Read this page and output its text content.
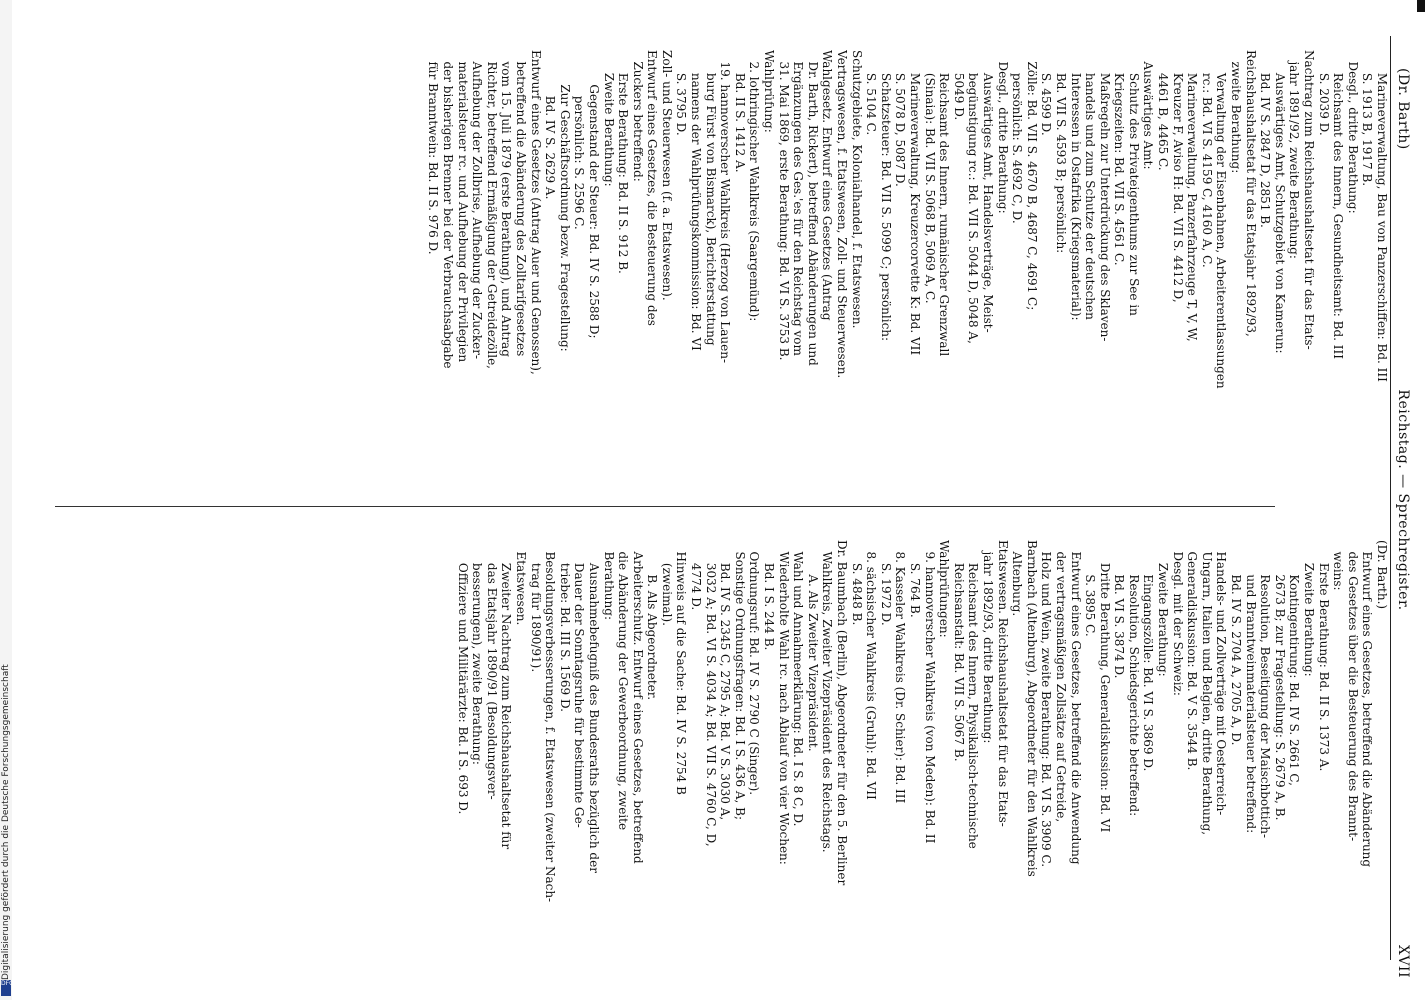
(Dr. Barth)
Reichstag. — Sprechregister.
XVII
Marineverwaltung, Bau von Panzerschiffen: Bd. III
S. 1913 B, 1917 B.
Desgl., dritte Berathung:
Reichsamt des Innern, Gesundheitsamt: Bd. III
S. 2039 D.
Nachtrag zum Reichshaushaltsetat für das Etats-
jahr 1891/92, zweite Berathung:
Auswärtiges Amt, Schutzgebiet von Kamerun:
Bd. IV S. 2847 D, 2851 B.
Reichshaushaltsetat für das Etatsjahr 1892/93,
zweite Berathung:
Verwaltung der Eisenbahnen, Arbeiterentlassungen
rc.: Bd. VI S. 4159 C, 4160 A, C.
Marineverwaltung, Panzerfahrzeuge T, V, W,
Kreuzer F, Aviso H: Bd. VII S. 4412 D,
4461 B, 4465 C.
Auswärtiges Amt:
Schutz des Privateigenthums zur See in
Kriegszeiten: Bd. VII S. 4561 C.
Maßregeln zur Unterdrückung des Sklaven-
handels und zum Schutze der deutschen
Interessen in Ostafrika (Kriegsmaterial):
Bd. VII S. 4593 B; persönlich:
S. 4599 D.
Zölle: Bd. VII S. 4670 B, 4687 C, 4691 C;
persönlich: S. 4692 C, D.
Desgl., dritte Berathung:
Auswärtiges Amt, Handelsverträge, Meist-
begünstigung rc.: Bd. VII S. 5044 D, 5048 A,
5049 D.
Reichsamt des Innern, rumänischer Grenzwall
(Sinaia): Bd. VII S. 5068 B, 5069 A, C.
Marineverwaltung, Kreuzercorvette K: Bd. VII
S. 5078 D, 5087 D.
Schatzsteuer: Bd. VII S. 5099 C; persönlich:
S. 5104 C.
Schutzgebiete, Kolonialhandel, f. Etatswesen.
Vertragswesen, f. Etatswesen, Zoll- und Steuerwesen.
Wahlgesetz. Entwurf eines Gesetzes (Antrag
Dr. Barth, Rickert), betreffend Abänderungen und
Ergänzungen des Ges.'es für den Reichstag vom
31. Mai 1869, erste Berathung: Bd. VI S. 3753 B.
Wahlprüfung:
2. lothringischer Wahlkreis (Saargemünd):
Bd. II S. 1412 A.
19. hannoverscher Wahlkreis (Herzog von Lauen-
burg Fürst von Bismarck), Berichterstattung
namens der Wahlprüfungskommission: Bd. VI
S. 3795 D.
Zoll- und Steuerwesen (f. a. Etatswesen).
Entwurf eines Gesetzes, die Besteuerung des
Zuckers betreffend:
Erste Berathung: Bd. II S. 912 B.
Zweite Berathung:
Gegenstand der Steuer: Bd. IV S. 2588 D;
persönlich: S. 2596 C.
Zur Geschäftsordnung bezw. Fragestellung:
Bd. IV S. 2629 A.
Entwurf eines Gesetzes (Antrag Auer und Genossen),
betreffend die Abänderung des Zolltarifgesetzes
vom 15. Juli 1879 (erste Berathung), und Antrag
Richter, betreffend Ermäßigung der Getreidezölle,
Aufhebung der Zollbrise, Aufhebung der Zucker-
materialsteuer rc. und Aufhebung der Privilegien
der bisherigen Brenner bei der Verbrauchsabgabe
für Branntwein: Bd. II S. 976 D.
(Dr. Barth.)
Entwurf eines Gesetzes, betreffend die Abänderung
des Gesetzes über die Besteuerung des Brannt-
weins:
Erste Berathung: Bd. II S. 1373 A.
Zweite Berathung:
Kontingentirung: Bd. IV S. 2661 C,
2673 B; zur Fragestellung: S. 2679 A, B.
Resolution, Beseitigung der Maischbottich-
und Branntweinmaterialsteuer betreffend:
Bd. IV S. 2704 A, 2705 A, D.
Handels- und Zollverträge mit Oesterreich-
Ungarn, Italien und Belgien, dritte Berathung,
Generaldiskussion: Bd. V S. 3544 B.
Desgl. mit der Schweiz:
Zweite Berathung:
Eingangszölle: Bd. VI S. 3869 D.
Resolution, Schiedsgerichte betreffend:
Bd. VI S. 3874 D.
Dritte Berathung, Generaldiskussion: Bd. VI
S. 3895 C.
Entwurf eines Gesetzes, betreffend die Anwendung
der vertragsmäßigen Zollsätze auf Getreide,
Holz und Wein, zweite Berathung: Bd. VI S. 3909 C.
Barnbach (Altenburg), Abgeordneter für den Wahlkreis
Altenburg.
Etatswesen. Reichshaushaltsetat für das Etats-
jahr 1892/93, dritte Berathung:
Reichsamt des Innern, Physikalisch-technische
Reichsanstalt: Bd. VII S. 5067 B.
Wahlprüfungen:
9. hannoverscher Wahlkreis (von Meden): Bd. II
S. 764 B.
8. Kasseler Wahlkreis (Dr. Schier): Bd. III
S. 1972 D.
8. sächsischer Wahlkreis (Gruhl): Bd. VII
S. 4848 B.
Dr. Baumbach (Berlin), Abgeordneter für den 5. Berliner
Wahlkreis, Zweiter Vizepräsident des Reichstags.
A. Als Zweiter Vizepräsident.
Wahl und Annahmeerklärung: Bd. I S. 8 C, D.
Wiederholte Wahl rc. nach Ablauf von vier Wochen:
Bd. I S. 244 B.
Ordnungsruf: Bd. IV S. 2790 C (Singer).
Sonstige Ordnungsfragen: Bd. I S. 436 A, B;
Bd. IV S. 2345 C, 2795 A; Bd. V S. 3030 A,
3032 A; Bd. VI S. 4034 A; Bd. VII S. 4760 C, D,
4774 D.
Hinweis auf die Sache: Bd. IV S. 2754 B
(zweimal).
B. Als Abgeordneter.
Arbeiterschutz. Entwurf eines Gesetzes, betreffend
die Abänderung der Gewerbeordnung, zweite
Berathung:
Ausnahmebefugniß des Bundesraths bezüglich der
Dauer der Sonntagsruhe für bestimmte Ge-
triebe: Bd. III S. 1569 D.
Besoldungsverbesserungen, f. Etatswesen (zweiter Nach-
trag für 1890/91).
Etatswesen.
Zweiter Nachtrag zum Reichshaushaltsetat für
das Etatsjahr 1890/91 (Besoldungsver-
besserungen), zweite Berathung:
Offiziere und Militärärzte: Bd. I S. 693 D.
Digitalisierung gefördert durch die Deutsche Forschungsgemeinschaft
DFG
